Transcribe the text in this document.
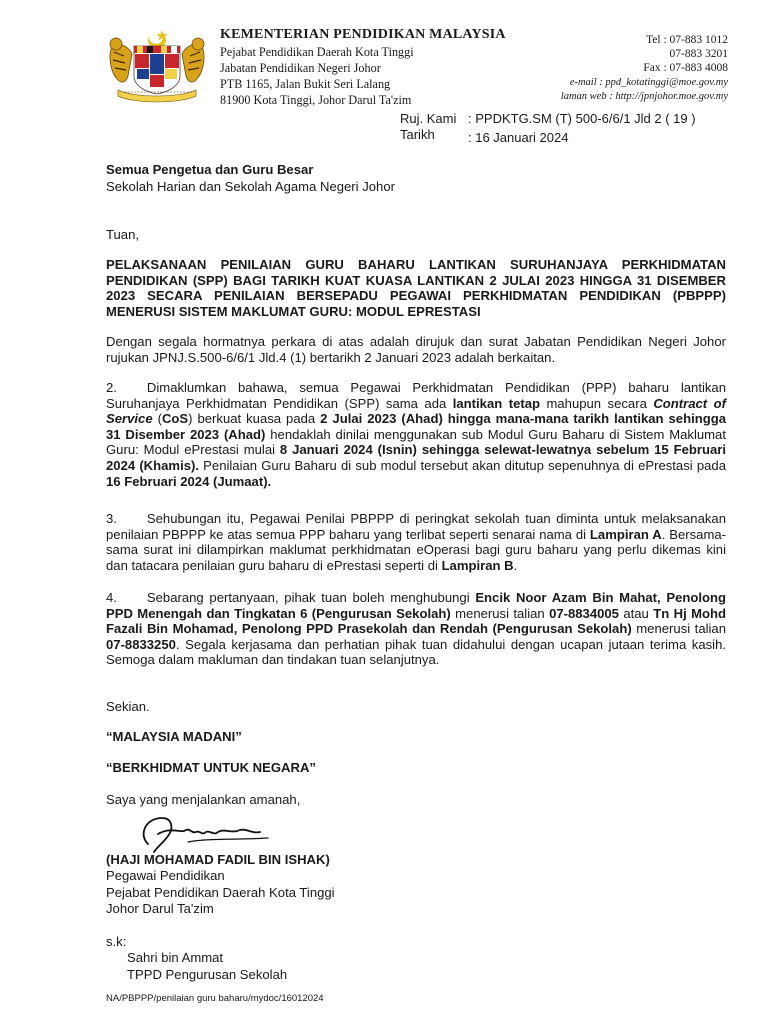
KEMENTERIAN PENDIDIKAN MALAYSIA
Pejabat Pendidikan Daerah Kota Tinggi
Jabatan Pendidikan Negeri Johor
PTB 1165, Jalan Bukit Seri Lalang
81900 Kota Tinggi, Johor Darul Ta'zim
Tel : 07-883 1012
07-883 3201
Fax : 07-883 4008
e-mail : ppd_kotatinggi@moe.gov.my
laman web : http://jpnjohor.moe.gov.my
Ruj. Kami : PPDKTG.SM (T) 500-6/6/1 Jld 2 ( 19 )
Tarikh	: 16 Januari 2024
Semua Pengetua dan Guru Besar
Sekolah Harian dan Sekolah Agama Negeri Johor
Tuan,
PELAKSANAAN PENILAIAN GURU BAHARU LANTIKAN SURUHANJAYA PERKHIDMATAN PENDIDIKAN (SPP) BAGI TARIKH KUAT KUASA LANTIKAN 2 JULAI 2023 HINGGA 31 DISEMBER 2023 SECARA PENILAIAN BERSEPADU PEGAWAI PERKHIDMATAN PENDIDIKAN (PBPPP) MENERUSI SISTEM MAKLUMAT GURU: MODUL EPRESTASI
Dengan segala hormatnya perkara di atas adalah dirujuk dan surat Jabatan Pendidikan Negeri Johor rujukan JPNJ.S.500-6/6/1 Jld.4 (1) bertarikh 2 Januari 2023 adalah berkaitan.
2. Dimaklumkan bahawa, semua Pegawai Perkhidmatan Pendidikan (PPP) baharu lantikan Suruhanjaya Perkhidmatan Pendidikan (SPP) sama ada lantikan tetap mahupun secara Contract of Service (CoS) berkuat kuasa pada 2 Julai 2023 (Ahad) hingga mana-mana tarikh lantikan sehingga 31 Disember 2023 (Ahad) hendaklah dinilai menggunakan sub Modul Guru Baharu di Sistem Maklumat Guru: Modul ePrestasi mulai 8 Januari 2024 (Isnin) sehingga selewat-lewatnya sebelum 15 Februari 2024 (Khamis). Penilaian Guru Baharu di sub modul tersebut akan ditutup sepenuhnya di ePrestasi pada 16 Februari 2024 (Jumaat).
3. Sehubungan itu, Pegawai Penilai PBPPP di peringkat sekolah tuan diminta untuk melaksanakan penilaian PBPPP ke atas semua PPP baharu yang terlibat seperti senarai nama di Lampiran A. Bersama-sama surat ini dilampirkan maklumat perkhidmatan eOperasi bagi guru baharu yang perlu dikemas kini dan tatacara penilaian guru baharu di ePrestasi seperti di Lampiran B.
4. Sebarang pertanyaan, pihak tuan boleh menghubungi Encik Noor Azam Bin Mahat, Penolong PPD Menengah dan Tingkatan 6 (Pengurusan Sekolah) menerusi talian 07-8834005 atau Tn Hj Mohd Fazali Bin Mohamad, Penolong PPD Prasekolah dan Rendah (Pengurusan Sekolah) menerusi talian 07-8833250. Segala kerjasama dan perhatian pihak tuan didahului dengan ucapan jutaan terima kasih. Semoga dalam makluman dan tindakan tuan selanjutnya.
Sekian.
“MALAYSIA MADANI”
“BERKHIDMAT UNTUK NEGARA”
Saya yang menjalankan amanah,
(HAJI MOHAMAD FADIL BIN ISHAK)
Pegawai Pendidikan
Pejabat Pendidikan Daerah Kota Tinggi
Johor Darul Ta'zim
s.k:
Sahri bin Ammat
TPPD Pengurusan Sekolah
NA/PBPPP/penilaian guru baharu/mydoc/16012024
